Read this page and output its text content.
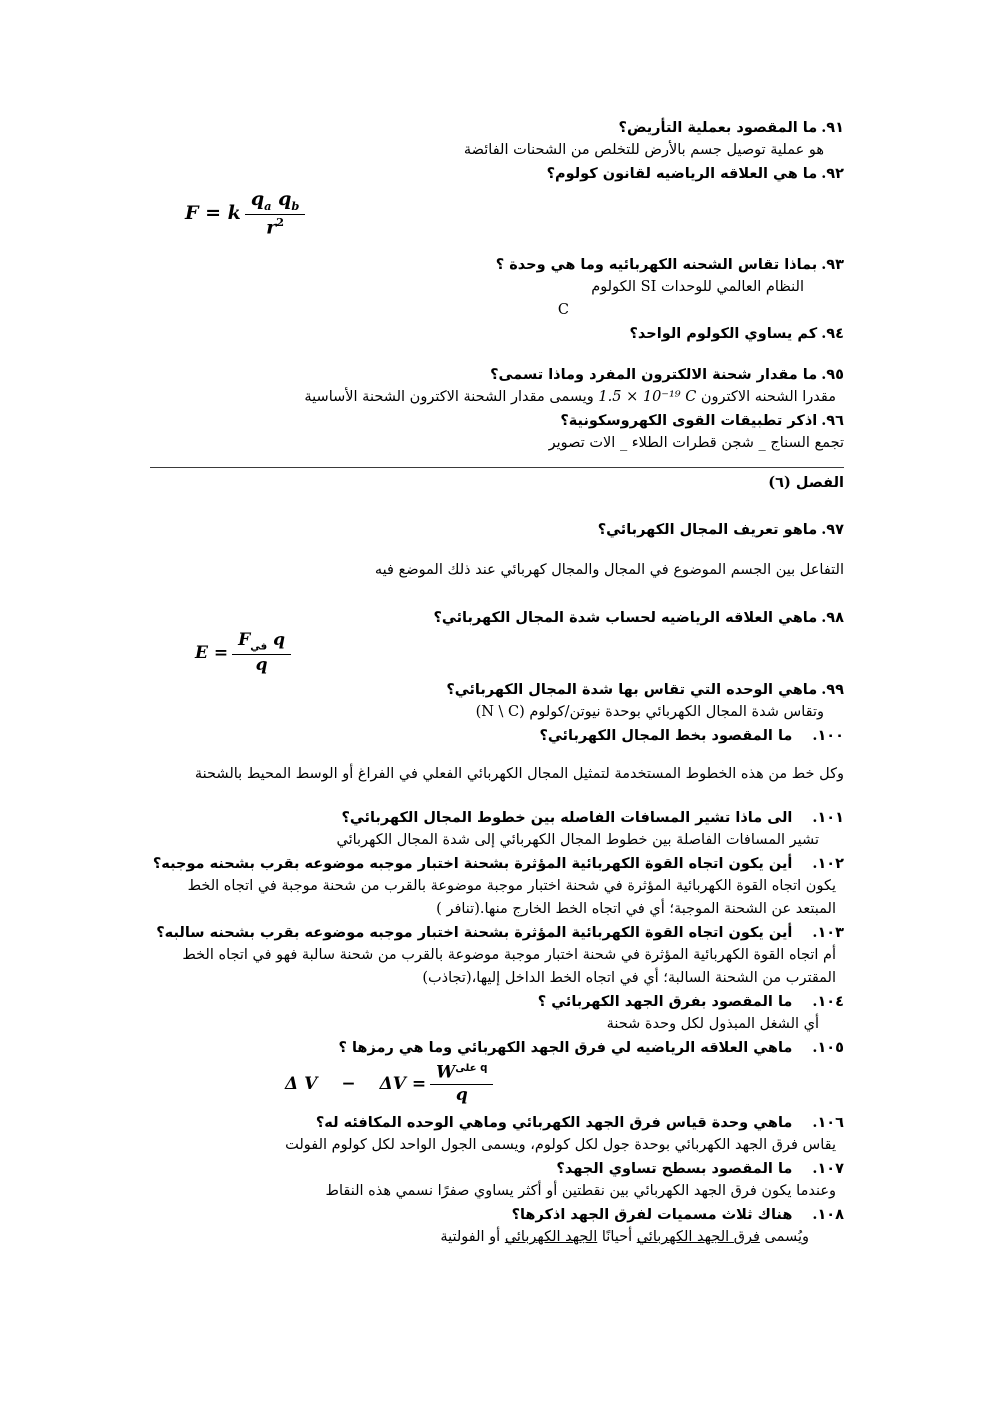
٩١.ما المقصود بعملية التأريض؟
هو عملية توصيل جسم بالأرض للتخلص من الشحنات الفائضة
٩٢.ما هي العلاقه الرياضيه لقانون كولوم؟
F = k $\frac{q_a q_b}{r^2}$
٩٣.بماذا تقاس الشحنه الكهربائيه وما هي وحدة ؟
النظام العالمي للوحدات SI الكولوم
C
٩٤.كم يساوي الكولوم الواحد؟
٩٥.ما مقدار شحنة الالكترون المفرد وماذا تسمى؟
مقدرا الشحنه الاكترون 1.5 × 10⁻¹⁹ C ويسمى مقدار الشحنة الاكترون الشحنة الأساسية
٩٦.اذكر تطبيقات القوى الكهروسكونية؟
تجمع السناج _ شجن قطرات الطلاء _ الات تصوير
الفصل (٦)
٩٧.ماهو تعريف المجال الكهربائي؟
التفاعل بين الجسم الموضوع في المجال والمجال كهربائي عند ذلك الموضع فيه
٩٨.ماهي العلاقه الرياضيه لحساب شدة المجال الكهربائي؟
$E = \frac{F_{في} q}{q}$
٩٩.ماهي الوحده التي تقاس بها شدة المجال الكهربائي؟
وتقاس شدة المجال الكهربائي بوحدة نيوتن/كولوم (N \ C)
١٠٠.ما المقصود بخط المجال الكهربائي؟
وكل خط من هذه الخطوط المستخدمة لتمثيل المجال الكهربائي الفعلي في الفراغ أو الوسط المحيط بالشحنة
١٠١.الى ماذا تشير المسافات الفاصله بين خطوط المجال الكهربائي؟
تشير المسافات الفاصلة بين خطوط المجال الكهربائي إلى شدة المجال الكهربائي
١٠٢.أين يكون اتجاه القوة الكهربائية المؤثرة بشحنة اختبار موجبه موضوعه بقرب بشحنه موجبه؟
يكون اتجاه القوة الكهربائية المؤثرة في شحنة اختبار موجبة موضوعة بالقرب من شحنة موجبة في اتجاه الخط المبتعد عن الشحنة الموجبة؛ أي في اتجاه الخط الخارج منها.(تنافر )
١٠٣.أين يكون اتجاه القوة الكهربائية المؤثرة بشحنة اختبار موجبه موضوعه بقرب بشحنه سالبه؟
أم اتجاه القوة الكهربائية المؤثرة في شحنة اختبار موجبة موضوعة بالقرب من شحنة سالبة فهو في اتجاه الخط المقترب من الشحنة السالبة؛ أي في اتجاه الخط الداخل إليها،(تجاذب)
١٠٤.ما المقصود بفرق الجهد الكهربائي ؟
أي الشغل المبذول لكل وحدة شحنة
١٠٥.ماهي العلاقه الرياضيه لي فرق الجهد الكهربائي وما هي رمزها ؟
Δ $V - \Delta V = \frac{W^{على q}}{q}$
١٠٦.ماهي وحدة قياس فرق الجهد الكهربائي وماهي الوحده المكافئه له؟
يقاس فرق الجهد الكهربائي بوحدة جول لكل كولوم، ويسمى الجول الواحد لكل كولوم الفولت
١٠٧.ما المقصود بسطح تساوي الجهد؟
وعندما يكون فرق الجهد الكهربائي بين نقطتين أو أكثر يساوي صفرًا نسمي هذه النقاط
١٠٨.هناك ثلاث مسميات لفرق الجهد اذكرها؟
ويُسمى فرق الجهد الكهربائي أحيانًا الجهد الكهربائي أو الفولتية
